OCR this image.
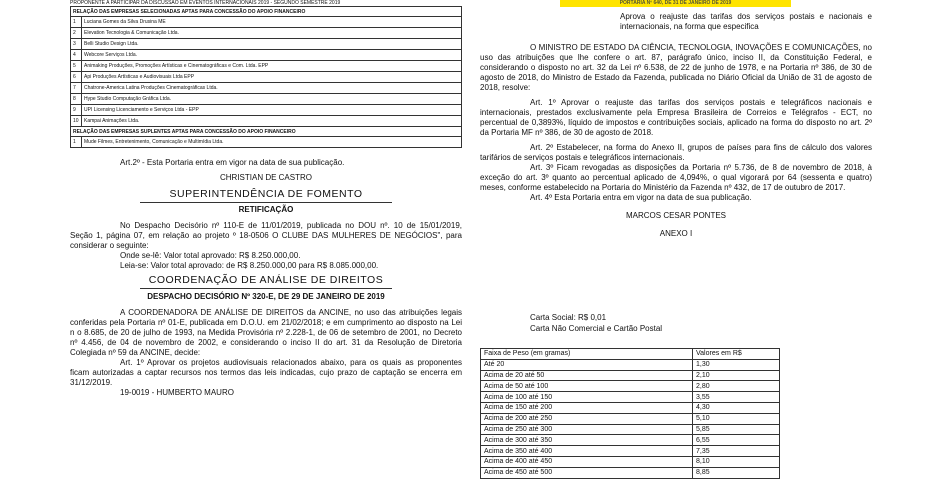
PROPONENTE A PARTICIPAR DA DISCUSSÃO EM EVENTOS INTERNACIONAIS 2019 - SEGUNDO SEMESTRE 2019
RELAÇÃO DAS EMPRESAS SELECIONADAS APTAS PARA CONCESSÃO DO APOIO FINANCEIRO	
1	Luciana Gomes da Silva Drusina ME
2	Elevation Tecnologia & Comunicação Ltda.
3	Belli Studio Design Ltda.
4	Webcore Serviços Ltda.
5	Animaking Produções, Promoções Artísticas e Cinematográficas e Com. Ltda. EPP
6	Api Produções Artísticas e Audiovisuais Ltda EPP
7	Chatrone-America Latina Produções Cinematográficas Ltda.
8	Hype Studio Computação Gráfica Ltda.
9	UPI Licensing Licenciamento e Serviços Ltda - EPP
10	Kampai Animações Ltda.
RELAÇÃO DAS EMPRESAS SUPLENTES APTAS PARA CONCESSÃO DO APOIO FINANCEIRO	
1	Mude Filmes, Entretenimento, Comunicação e Multimídia Ltda.

Art.2º - Esta Portaria entra em vigor na data de sua publicação.

CHRISTIAN DE CASTRO

SUPERINTENDÊNCIA DE FOMENTO

RETIFICAÇÃO

No Despacho Decisório nº 110-E de 11/01/2019, publicada no DOU nº. 10 de 15/01/2019, Seção 1, página 07, em relação ao projeto º 18-0506 O CLUBE DAS MULHERES DE NEGÓCIOS", para considerar o seguinte:

Onde se-lê: Valor total aprovado: R$ 8.250.000,00.

Leia-se: Valor total aprovado: de R$ 8.250.000,00 para R$ 8.085.000,00.

COORDENAÇÃO DE ANÁLISE DE DIREITOS

DESPACHO DECISÓRIO Nº 320-E, DE 29 DE JANEIRO DE 2019

A COORDENADORA DE ANÁLISE DE DIREITOS da ANCINE, no uso das atribuições legais conferidas pela Portaria nº 01-E, publicada em D.O.U. em 21/02/2018; e em cumprimento ao disposto na Lei n o 8.685, de 20 de julho de 1993, na Medida Provisória nº 2.228-1, de 06 de setembro de 2001, no Decreto nº 4.456, de 04 de novembro de 2002, e considerando o inciso II do art. 31 da Resolução de Diretoria Colegiada nº 59 da ANCINE, decide:

Art. 1º Aprovar os projetos audiovisuais relacionados abaixo, para os quais as proponentes ficam autorizadas a captar recursos nos termos das leis indicadas, cujo prazo de captação se encerra em 31/12/2019.

19-0019 - HUMBERTO MAURO

PORTARIA Nº 640, DE 31 DE JANEIRO DE 2019

Aprova o reajuste das tarifas dos serviços postais e nacionais e internacionais, na forma que especifica

O MINISTRO DE ESTADO DA CIÊNCIA, TECNOLOGIA, INOVAÇÕES E COMUNICAÇÕES, no uso das atribuições que lhe confere o art. 87, parágrafo único, inciso II, da Constituição Federal, e considerando o disposto no art. 32 da Lei nº 6.538, de 22 de junho de 1978, e na Portaria nº 386, de 30 de agosto de 2018, do Ministro de Estado da Fazenda, publicada no Diário Oficial da União de 31 de agosto de 2018, resolve:

Art. 1º Aprovar o reajuste das tarifas dos serviços postais e telegráficos nacionais e internacionais, prestados exclusivamente pela Empresa Brasileira de Correios e Telégrafos - ECT, no percentual de 0,3893%, líquido de impostos e contribuições sociais, aplicado na forma do disposto no art. 2º da Portaria MF nº 386, de 30 de agosto de 2018.

Art. 2º Estabelecer, na forma do Anexo II, grupos de países para fins de cálculo dos valores tarifários de serviços postais e telegráficos internacionais.

Art. 3º Ficam revogadas as disposições da Portaria nº 5.736, de 8 de novembro de 2018, à exceção do art. 3º quanto ao percentual aplicado de 4,094%, o qual vigorará por 64 (sessenta e quatro) meses, conforme estabelecido na Portaria do Ministério da Fazenda nº 432, de 17 de outubro de 2017.

Art. 4º Esta Portaria entra em vigor na data de sua publicação.

MARCOS CESAR PONTES

ANEXO I

Carta Social: R$ 0,01

Carta Não Comercial e Cartão Postal

Faixa de Peso (em gramas)	Valores em R$
Até 20	1,30
Acima de 20 até 50	2,10
Acima de 50 até 100	2,80
Acima de 100 até 150	3,55
Acima de 150 até 200	4,30
Acima de 200 até 250	5,10
Acima de 250 até 300	5,85
Acima de 300 até 350	6,55
Acima de 350 até 400	7,35
Acima de 400 até 450	8,10
Acima de 450 até 500	8,85
